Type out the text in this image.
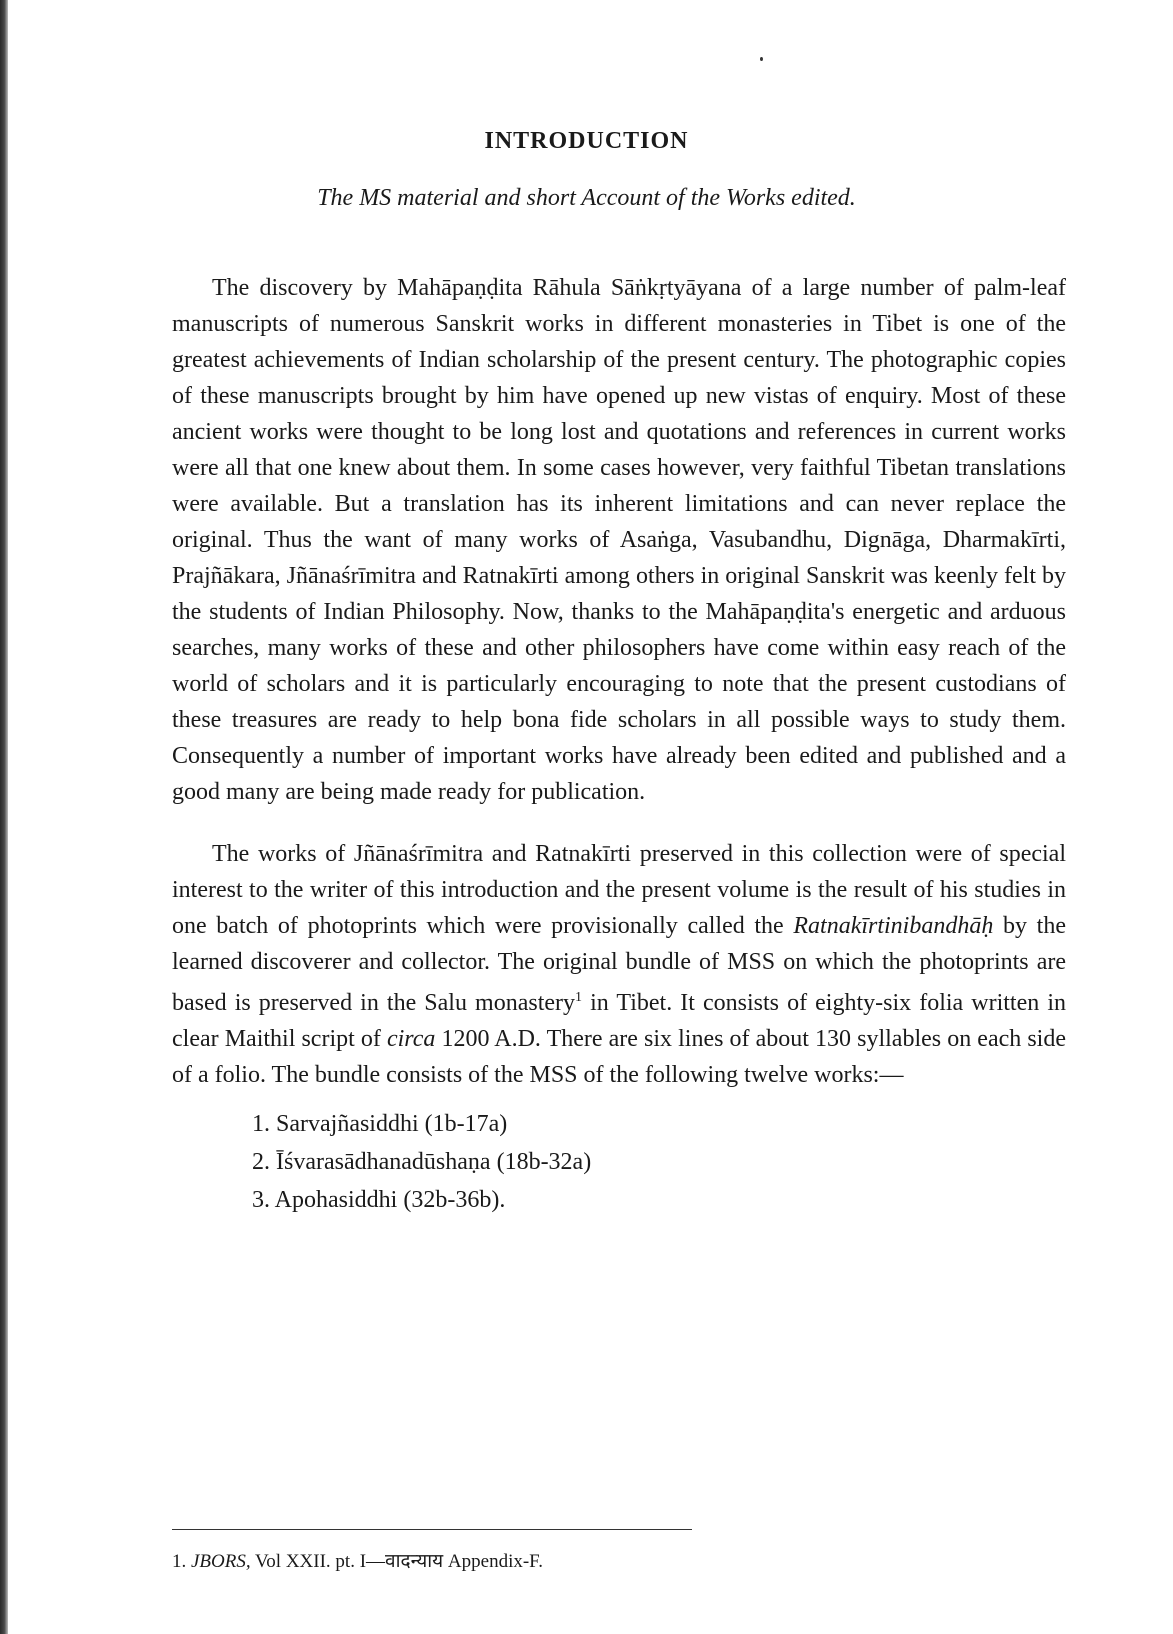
INTRODUCTION

The MS material and short Account of the Works edited.

The discovery by Mahāpaṇḍita Rāhula Sāṅkṛtyāyana of a large number of palm-leaf manuscripts of numerous Sanskrit works in different monasteries in Tibet is one of the greatest achievements of Indian scholarship of the present century. The photographic copies of these manuscripts brought by him have opened up new vistas of enquiry. Most of these ancient works were thought to be long lost and quotations and references in current works were all that one knew about them. In some cases however, very faithful Tibetan translations were available. But a translation has its inherent limitations and can never replace the original. Thus the want of many works of Asaṅga, Vasubandhu, Dignāga, Dharmakīrti, Prajñākara, Jñānaśrīmitra and Ratnakīrti among others in original Sanskrit was keenly felt by the students of Indian Philosophy. Now, thanks to the Mahāpaṇḍita's energetic and arduous searches, many works of these and other philosophers have come within easy reach of the world of scholars and it is particularly encouraging to note that the present custodians of these treasures are ready to help bona fide scholars in all possible ways to study them. Consequently a number of important works have already been edited and published and a good many are being made ready for publication.

The works of Jñānaśrīmitra and Ratnakīrti preserved in this collection were of special interest to the writer of this introduction and the present volume is the result of his studies in one batch of photoprints which were provisionally called the Ratnakīrtinibandhāḥ by the learned discoverer and collector. The original bundle of MSS on which the photoprints are based is preserved in the Salu monastery$^1$ in Tibet. It consists of eighty-six folia written in clear Maithil script of circa 1200 A.D. There are six lines of about 130 syllables on each side of a folio. The bundle consists of the MSS of the following twelve works:—

1. Sarvajñasiddhi (1b-17a)
2. Īśvarasādhanadūshaṇa (18b-32a)
3. Apohasiddhi (32b-36b).

1. JBORS, Vol XXII. pt. I—वादन्याय Appendix-F.
